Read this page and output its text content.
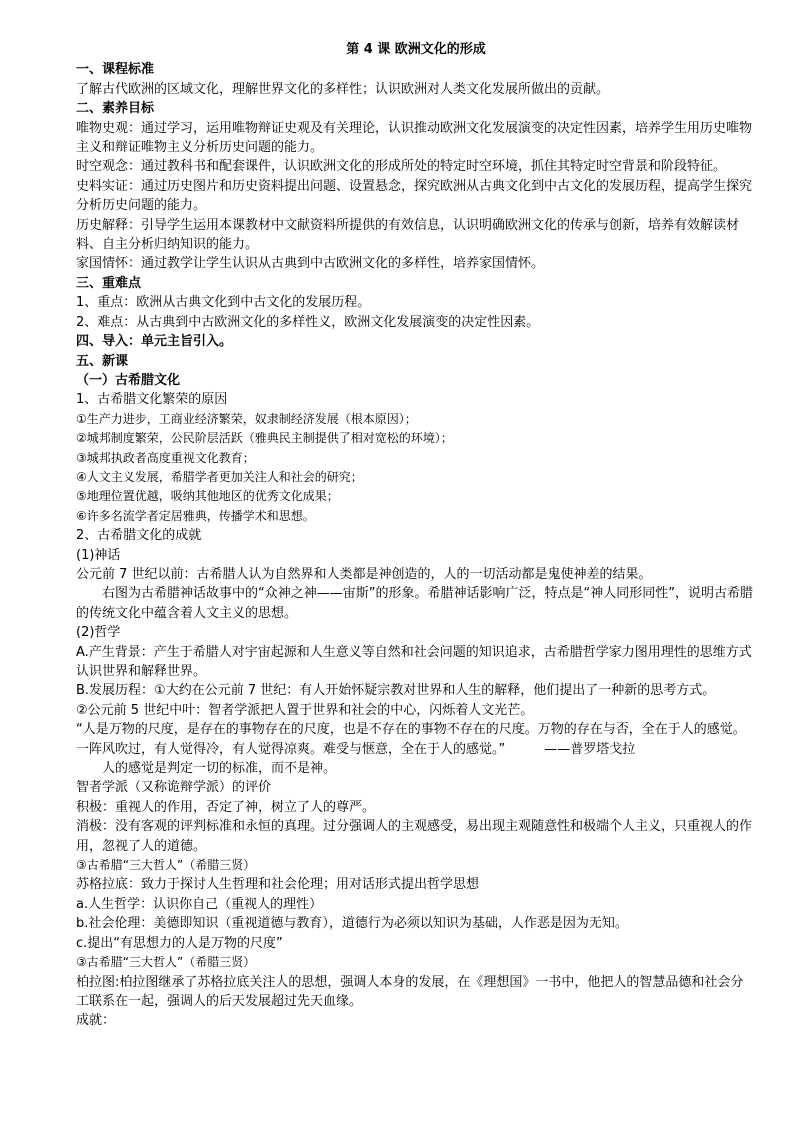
第 4 课 欧洲文化的形成
一、课程标准
了解古代欧洲的区域文化，理解世界文化的多样性；认识欧洲对人类文化发展所做出的贡献。
二、素养目标
唯物史观：通过学习，运用唯物辩证史观及有关理论，认识推动欧洲文化发展演变的决定性因素，培养学生用历史唯物主义和辩证唯物主义分析历史问题的能力。
时空观念：通过教科书和配套课件，认识欧洲文化的形成所处的特定时空环境，抓住其特定时空背景和阶段特征。
史料实证：通过历史图片和历史资料提出问题、设置悬念，探究欧洲从古典文化到中古文化的发展历程，提高学生探究分析历史问题的能力。
历史解释：引导学生运用本课教材中文献资料所提供的有效信息，认识明确欧洲文化的传承与创新，培养有效解读材料、自主分析归纳知识的能力。
家国情怀：通过教学让学生认识从古典到中古欧洲文化的多样性，培养家国情怀。
三、重难点
1、重点：欧洲从古典文化到中古文化的发展历程。
2、难点：从古典到中古欧洲文化的多样性义，欧洲文化发展演变的决定性因素。
四、导入：单元主旨引入。
五、新课
（一）古希腊文化
1、古希腊文化繁荣的原因
①生产力进步，工商业经济繁荣，奴隶制经济发展（根本原因）；
②城邦制度繁荣，公民阶层活跃（雅典民主制提供了相对宽松的环境）；
③城邦执政者高度重视文化教育；
④人文主义发展，希腊学者更加关注人和社会的研究；
⑤地理位置优越，吸纳其他地区的优秀文化成果；
⑥许多名流学者定居雅典，传播学术和思想。
2、古希腊文化的成就
(1)神话
公元前 7 世纪以前：古希腊人认为自然界和人类都是神创造的，人的一切活动都是鬼使神差的结果。
右图为古希腊神话故事中的“众神之神——宙斯”的形象。希腊神话影响广泛，特点是“神人同形同性”，说明古希腊的传统文化中蕴含着人文主义的思想。
(2)哲学
A.产生背景：产生于希腊人对宇宙起源和人生意义等自然和社会问题的知识追求，古希腊哲学家力图用理性的思维方式认识世界和解释世界。
B.发展历程：①大约在公元前 7 世纪：有人开始怀疑宗教对世界和人生的解释，他们提出了一种新的思考方式。
②公元前 5 世纪中叶：智者学派把人置于世界和社会的中心，闪烁着人文光芒。
“人是万物的尺度，是存在的事物存在的尺度，也是不存在的事物不存在的尺度。万物的存在与否，全在于人的感觉。一阵风吹过，有人觉得冷，有人觉得凉爽。难受与惬意，全在于人的感觉。”　　　——普罗塔戈拉
人的感觉是判定一切的标准，而不是神。
智者学派（又称诡辩学派）的评价
积极：重视人的作用，否定了神，树立了人的尊严。
消极：没有客观的评判标准和永恒的真理。过分强调人的主观感受，易出现主观随意性和极端个人主义，只重视人的作用，忽视了人的道德。
③古希腊“三大哲人”（希腊三贤）
苏格拉底：致力于探讨人生哲理和社会伦理；用对话形式提出哲学思想
a.人生哲学：认识你自己（重视人的理性）
b.社会伦理：美德即知识（重视道德与教育），道德行为必须以知识为基础，人作恶是因为无知。
c.提出“有思想力的人是万物的尺度”
③古希腊“三大哲人”（希腊三贤）
柏拉图:柏拉图继承了苏格拉底关注人的思想，强调人本身的发展，在《理想国》一书中，他把人的智慧品德和社会分工联系在一起，强调人的后天发展超过先天血缘。
成就：
